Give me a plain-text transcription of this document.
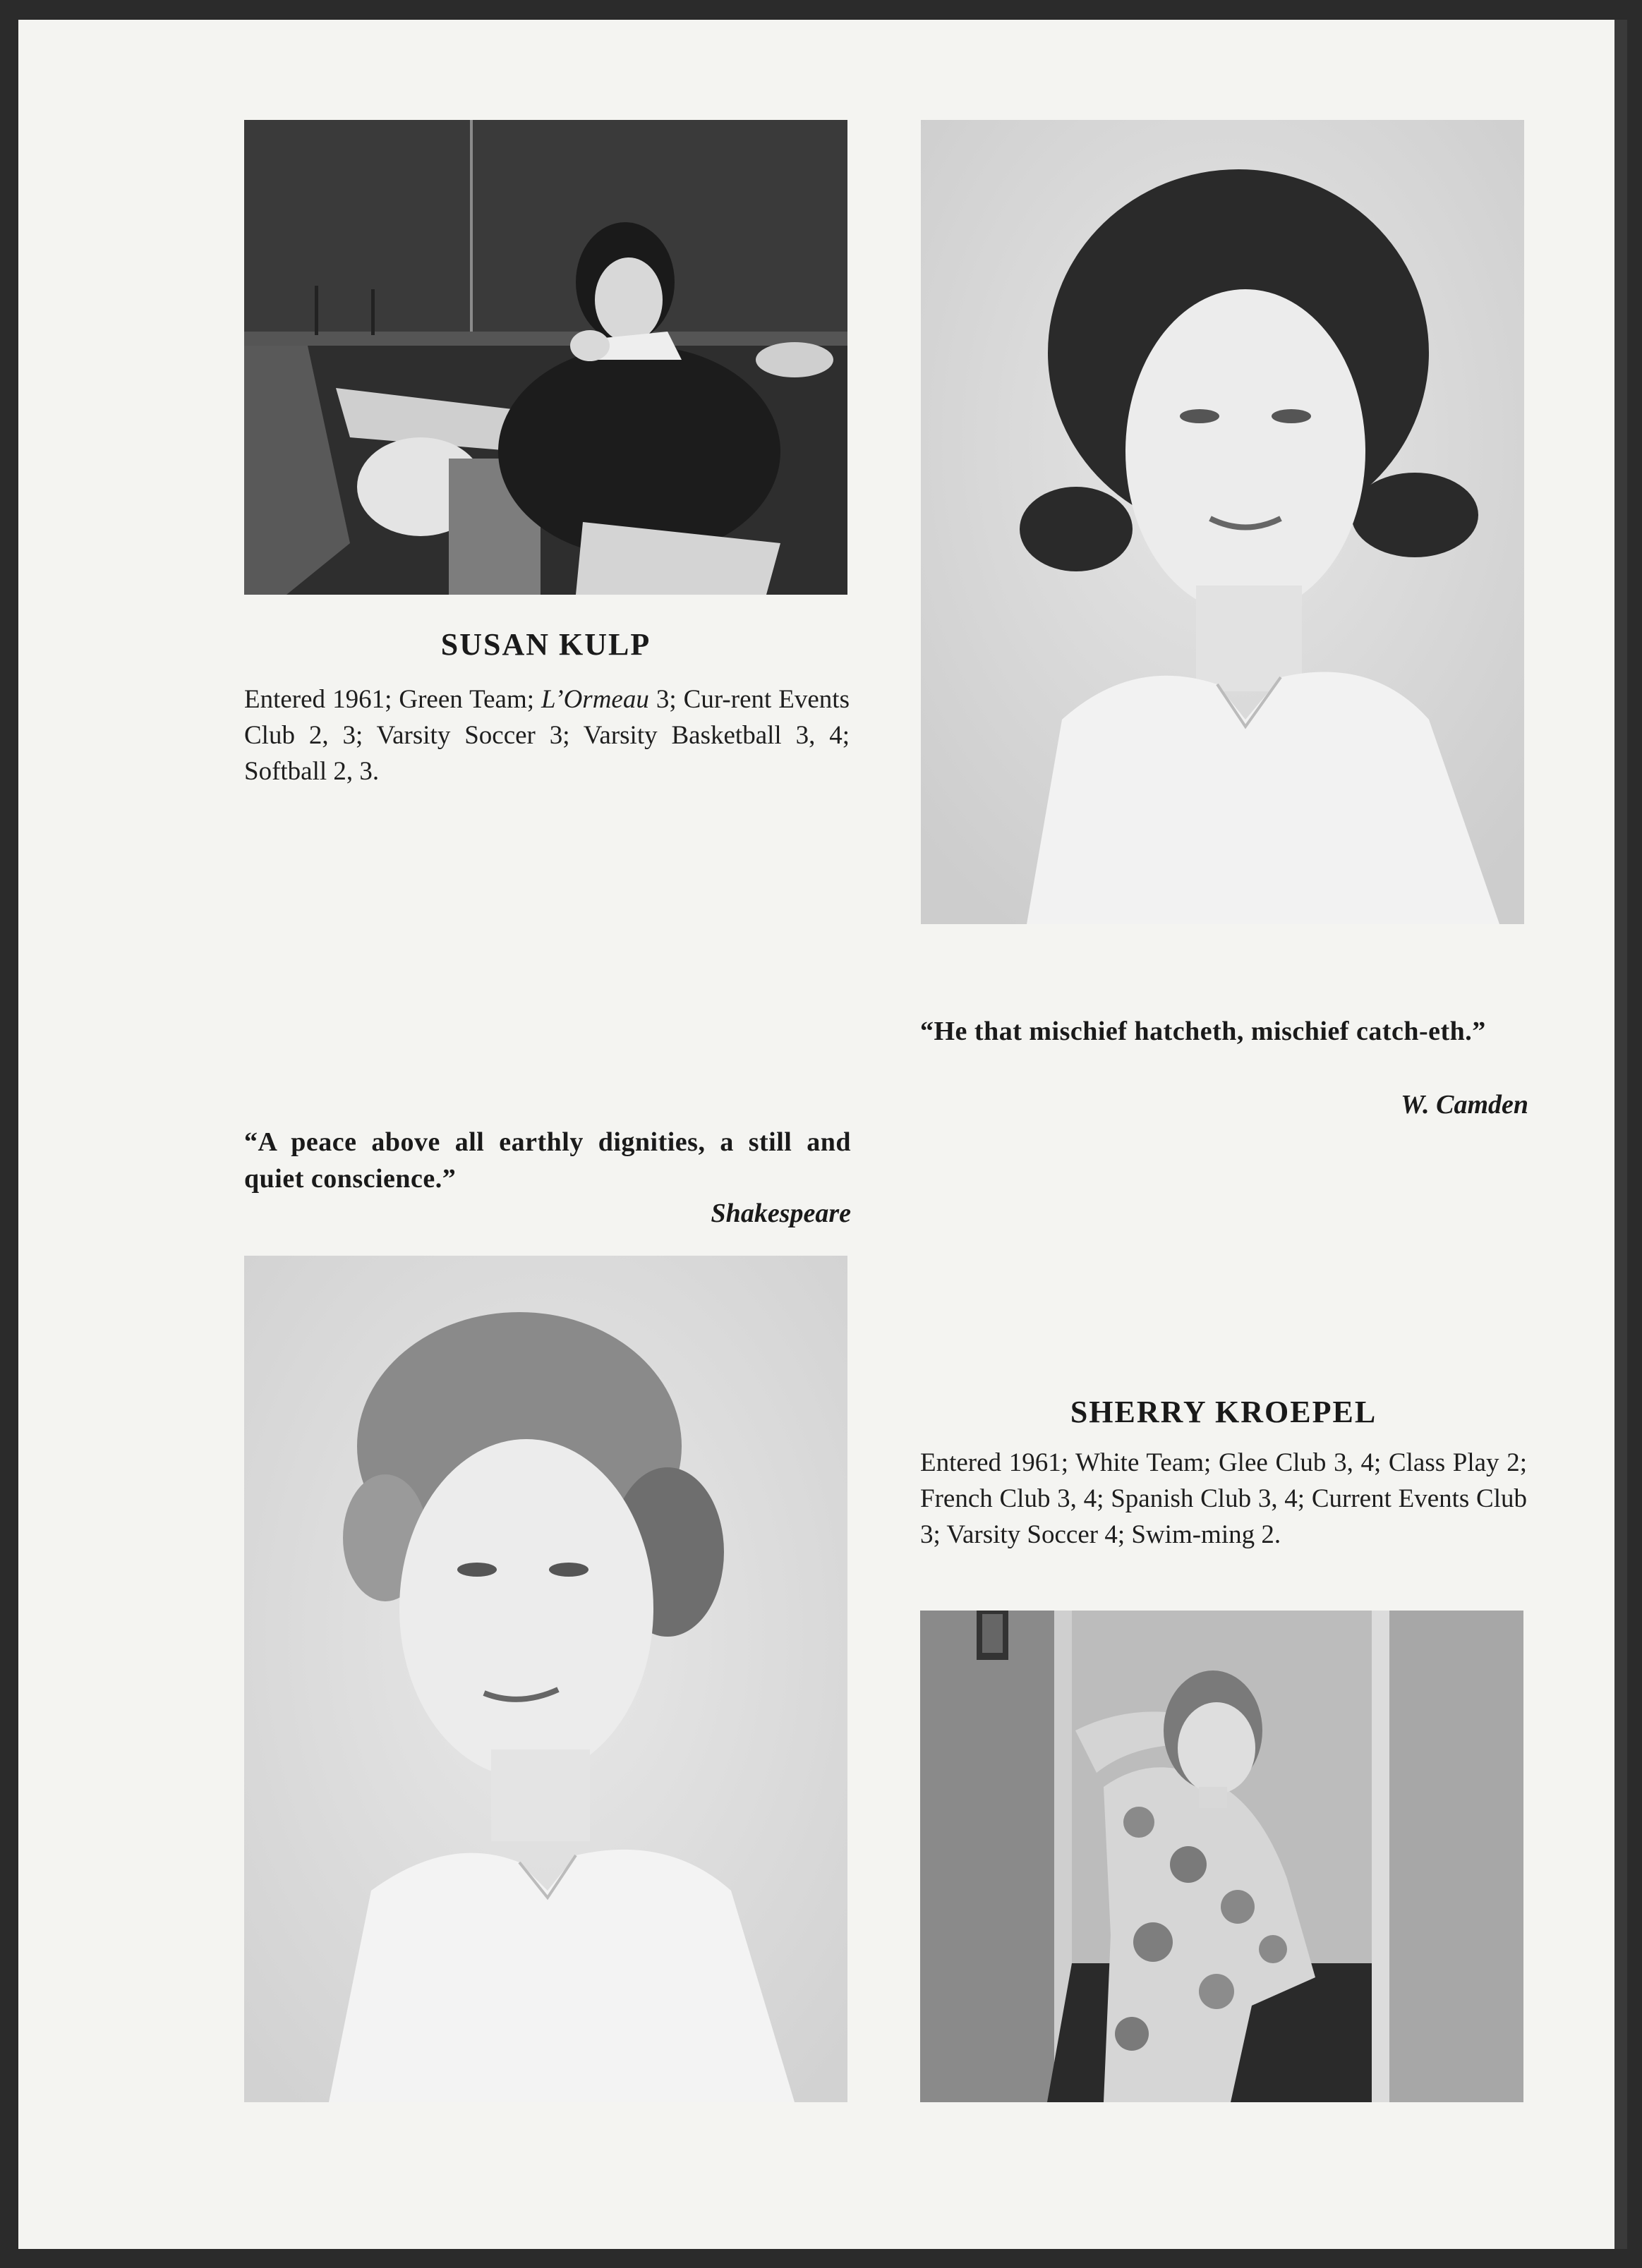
SUSAN KULP
Entered 1961; Green Team; L’Ormeau 3; Cur-rent Events Club 2, 3; Varsity Soccer 3; Varsity Basketball 3, 4; Softball 2, 3.
“He that mischief hatcheth, mischief catch-eth.”
W. Camden
“A peace above all earthly dignities, a still and quiet conscience.”
Shakespeare
SHERRY KROEPEL
Entered 1961; White Team; Glee Club 3, 4; Class Play 2; French Club 3, 4; Spanish Club 3, 4; Current Events Club 3; Varsity Soccer 4; Swim-ming 2.
